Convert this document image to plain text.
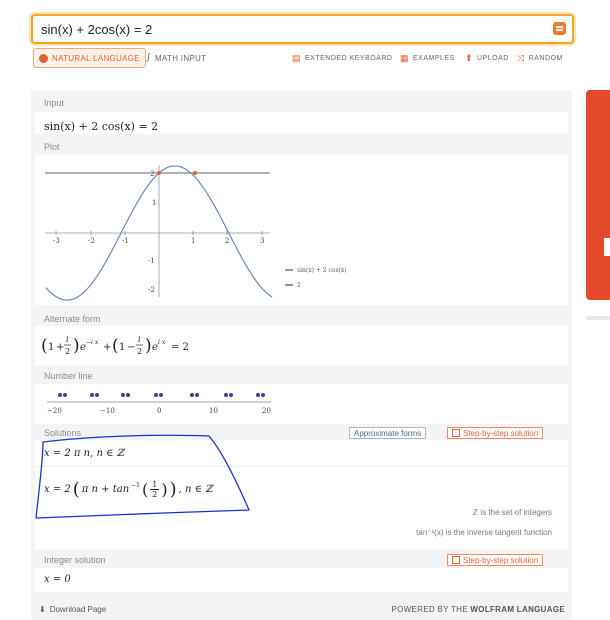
sin(x) + 2cos(x) = 2
NATURAL LANGUAGE ∫ MATH INPUT	▤ EXTENDED KEYBOARD ▦ EXAMPLES ⬆ UPLOAD ⤨ RANDOM
Input
sin(x) + 2 cos(x) = 2
Plot
-3	-2	-1	1	2	3
2
1
-1
-2
sin(x) + 2 cos(x)
2
Alternate form
( 1 +
i
2 ) e −i x + ( 1 −
i
2 ) e i x = 2
Number line
−20	−10	0	10	20
Solutions	Approximate forms	Step-by-step solution
x = 2 π n, n ∈ ℤ
x = 2 ( π n + tan $^{-1}$ ( $\frac{1}{2}$ ) ) , n ∈ ℤ
ℤ is the set of integers
tan⁻¹(x) is the inverse tangent function
Integer solution	Step-by-step solution
x = 0
⬇ Download Page	POWERED BY THE WOLFRAM LANGUAGE
